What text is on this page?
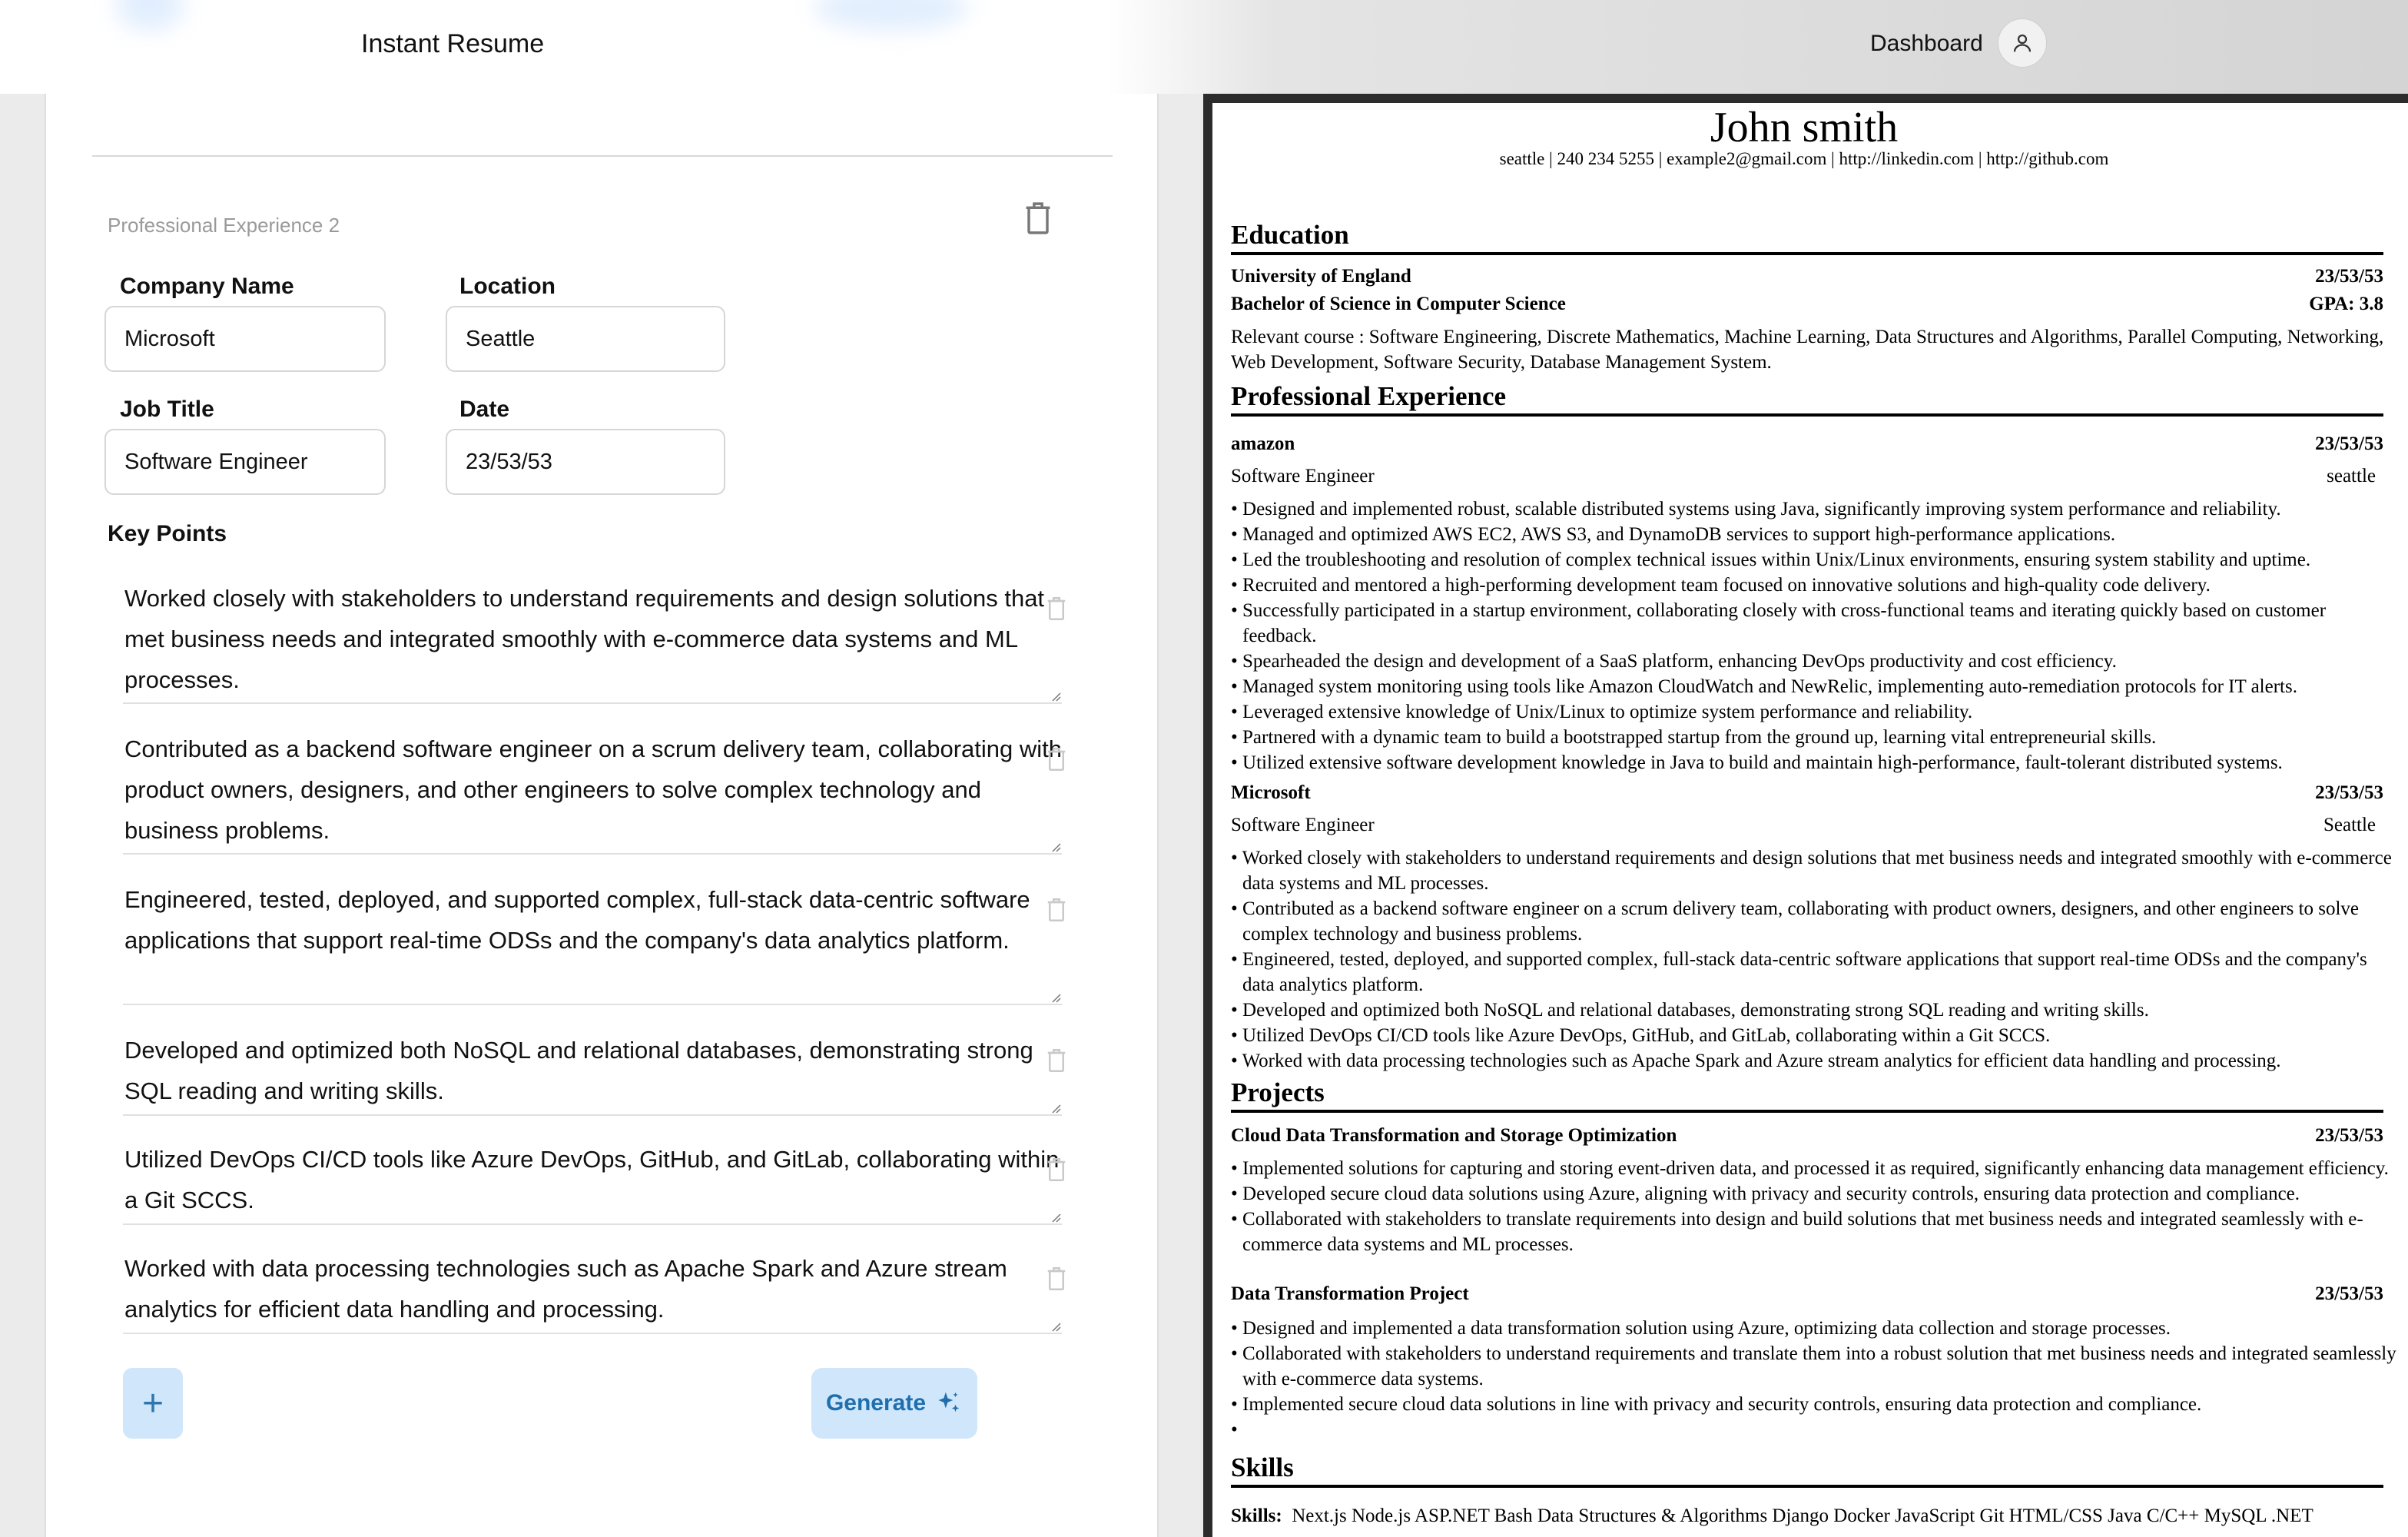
Instant Resume	Dashboard
Professional Experience 2
Company Name
Microsoft
Location
Seattle
Job Title
Software Engineer
Date
23/53/53
Key Points
Worked closely with stakeholders to understand requirements and design solutions that met business needs and integrated smoothly with e-commerce data systems and ML processes.
Contributed as a backend software engineer on a scrum delivery team, collaborating with product owners, designers, and other engineers to solve complex technology and business problems.
Engineered, tested, deployed, and supported complex, full-stack data-centric software applications that support real-time ODSs and the company's data analytics platform.
Developed and optimized both NoSQL and relational databases, demonstrating strong SQL reading and writing skills.
Utilized DevOps CI/CD tools like Azure DevOps, GitHub, and GitLab, collaborating within a Git SCCS.
Worked with data processing technologies such as Apache Spark and Azure stream analytics for efficient data handling and processing.
+	Generate
John smith
seattle | 240 234 5255 | example2@gmail.com | http://linkedin.com | http://github.com
Education
University of England	23/53/53
Bachelor of Science in Computer Science	GPA: 3.8
Relevant course : Software Engineering, Discrete Mathematics, Machine Learning, Data Structures and Algorithms, Parallel Computing, Networking, Web Development, Software Security, Database Management System.
Professional Experience
amazon	23/53/53
Software Engineer	seattle
• Designed and implemented robust, scalable distributed systems using Java, significantly improving system performance and reliability.
• Managed and optimized AWS EC2, AWS S3, and DynamoDB services to support high-performance applications.
• Led the troubleshooting and resolution of complex technical issues within Unix/Linux environments, ensuring system stability and uptime.
• Recruited and mentored a high-performing development team focused on innovative solutions and high-quality code delivery.
• Successfully participated in a startup environment, collaborating closely with cross-functional teams and iterating quickly based on customer feedback.
• Spearheaded the design and development of a SaaS platform, enhancing DevOps productivity and cost efficiency.
• Managed system monitoring using tools like Amazon CloudWatch and NewRelic, implementing auto-remediation protocols for IT alerts.
• Leveraged extensive knowledge of Unix/Linux to optimize system performance and reliability.
• Partnered with a dynamic team to build a bootstrapped startup from the ground up, learning vital entrepreneurial skills.
• Utilized extensive software development knowledge in Java to build and maintain high-performance, fault-tolerant distributed systems.
Microsoft	23/53/53
Software Engineer	Seattle
• Worked closely with stakeholders to understand requirements and design solutions that met business needs and integrated smoothly with e-commerce data systems and ML processes.
• Contributed as a backend software engineer on a scrum delivery team, collaborating with product owners, designers, and other engineers to solve complex technology and business problems.
• Engineered, tested, deployed, and supported complex, full-stack data-centric software applications that support real-time ODSs and the company's data analytics platform.
• Developed and optimized both NoSQL and relational databases, demonstrating strong SQL reading and writing skills.
• Utilized DevOps CI/CD tools like Azure DevOps, GitHub, and GitLab, collaborating within a Git SCCS.
• Worked with data processing technologies such as Apache Spark and Azure stream analytics for efficient data handling and processing.
Projects
Cloud Data Transformation and Storage Optimization	23/53/53
• Implemented solutions for capturing and storing event-driven data, and processed it as required, significantly enhancing data management efficiency.
• Developed secure cloud data solutions using Azure, aligning with privacy and security controls, ensuring data protection and compliance.
• Collaborated with stakeholders to translate requirements into design and build solutions that met business needs and integrated seamlessly with e-commerce data systems and ML processes.
Data Transformation Project	23/53/53
• Designed and implemented a data transformation solution using Azure, optimizing data collection and storage processes.
• Collaborated with stakeholders to understand requirements and translate them into a robust solution that met business needs and integrated seamlessly with e-commerce data systems.
• Implemented secure cloud data solutions in line with privacy and security controls, ensuring data protection and compliance.
•
Skills
Skills: Next.js Node.js ASP.NET Bash Data Structures & Algorithms Django Docker JavaScript Git HTML/CSS Java C/C++ MySQL .NET
